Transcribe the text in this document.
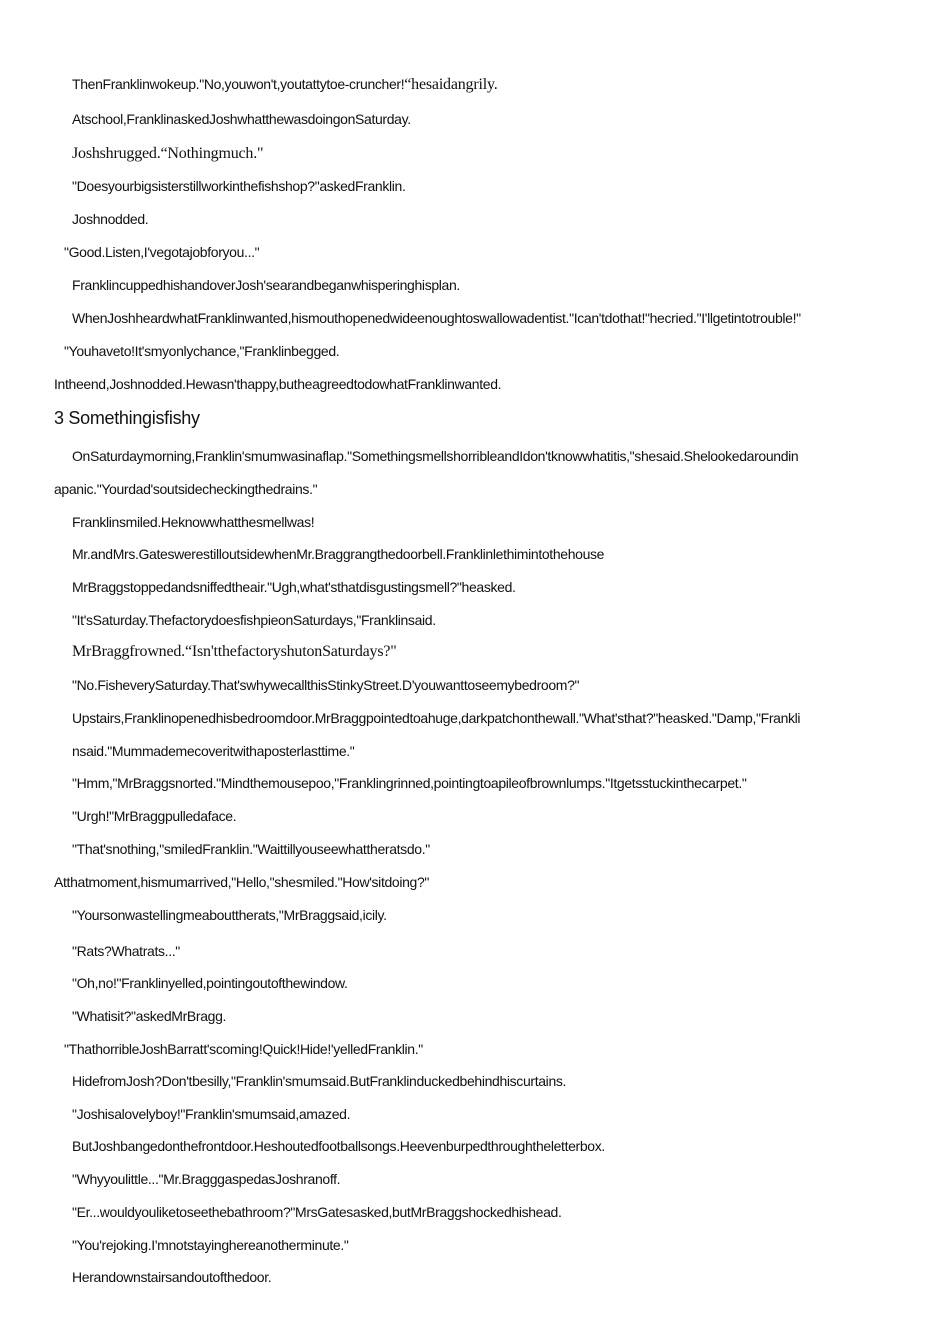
ThenFranklinwokeup."No,youwon't,youtattytoe-cruncher!“hesaidangrily.
Atschool,FranklinaskedJoshwhatthewasdoingonSaturday.
Joshshrugged.“Nothingmuch."
"Doesyourbigsisterstillworkinthefishshop?"askedFranklin.
Joshnodded.
"Good.Listen,I'vegotajobforyou..."
FranklincuppedhishandoverJosh'searandbeganwhisperinghisplan.
WhenJoshheardwhatFranklinwanted,hismouthopenedwideenoughtoswallowadentist."Ican'tdothat!"hecried."I'llgetintotrouble!"
"Youhaveto!It'smyonlychance,"Franklinbegged.
Intheend,Joshnodded.Hewasn'thappy,butheagreedtodowhatFranklinwanted.
3 Somethingisfishy
OnSaturdaymorning,Franklin'smumwasinaflap."SomethingsmellshorribleandIdon'tknowwhatitis,"shesaid.Shelookedaroundin
apanic."Yourdad'soutsidecheckingthedrains."
Franklinsmiled.Heknowwhatthesmellwas!
Mr.andMrs.GateswerestilloutsidewhenMr.Braggrangthedoorbell.Franklinlethimintothehouse
MrBraggstoppedandsniffedtheair."Ugh,what'sthatdisgustingsmell?"heasked.
"It'sSaturday.ThefactorydoesfishpieonSaturdays,"Franklinsaid.
MrBraggfrowned.“Isn'tthefactoryshutonSaturdays?"
"No.FisheverySaturday.That'swhywecallthisStinkyStreet.D'youwanttoseemybedroom?"
Upstairs,Franklinopenedhisbedroomdoor.MrBraggpointedtoahuge,darkpatchonthewall."What'sthat?"heasked."Damp,"Frankli
nsaid."Mummademecoveritwithaposterlasttime."
"Hmm,"MrBraggsnorted."Mindthemousepoo,"Franklingrinned,pointingtoapileofbrownlumps."Itgetsstuckinthecarpet."
"Urgh!"MrBraggpulledaface.
"That'snothing,"smiledFranklin."Waittillyouseewhattheratsdo."
Atthatmoment,hismumarrived,"Hello,"shesmiled."How'sitdoing?"
"Yoursonwastellingmeabouttherats,"MrBraggsaid,icily.
"Rats?Whatrats..."
"Oh,no!"Franklinyelled,pointingoutofthewindow.
"Whatisit?"askedMrBragg.
"ThathorribleJoshBarratt'scoming!Quick!Hide!'yelledFranklin."
HidefromJosh?Don'tbesilly,"Franklin'smumsaid.ButFranklinduckedbehindhiscurtains.
"Joshisalovelyboy!"Franklin'smumsaid,amazed.
ButJoshbangedonthefrontdoor.Heshoutedfootballsongs.Heevenburpedthroughtheletterbox.
"Whyyoulittle..."Mr.BragggaspedasJoshranoff.
"Er...wouldyouliketoseethebathroom?"MrsGatesasked,butMrBraggshockedhishead.
"You'rejoking.I'mnotstayinghereanotherminute."
Herandownstairsandoutofthedoor.
